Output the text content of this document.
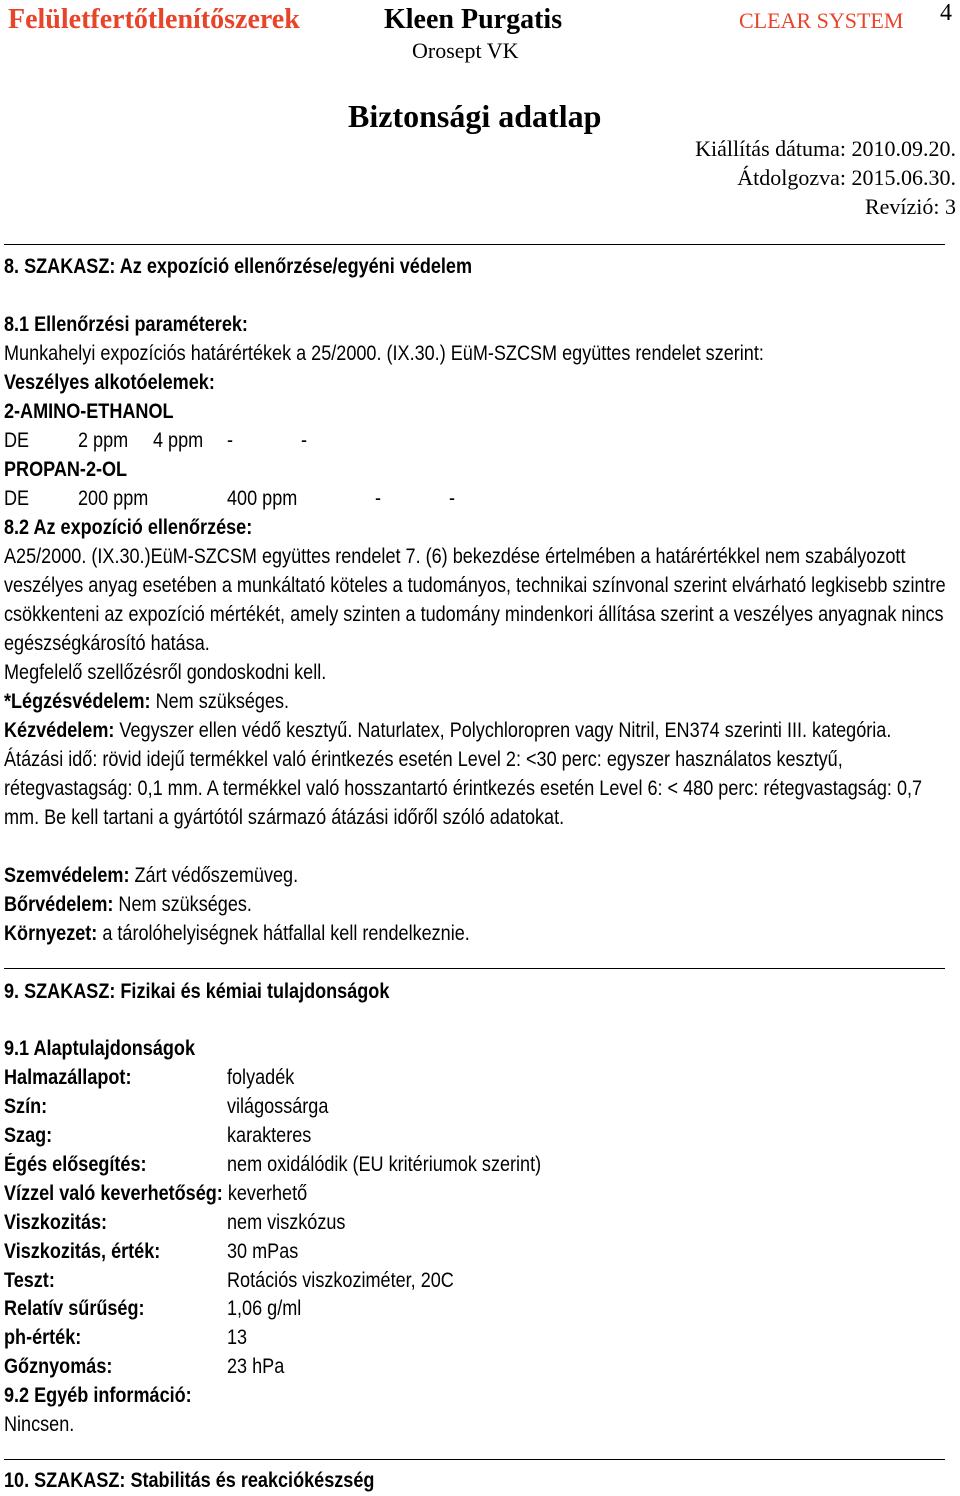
Felületfertőtlenítőszerek	Kleen Purgatis	CLEAR SYSTEM 4
Orosept VK
Biztonsági adatlap
Kiállítás dátuma: 2010.09.20.
Átdolgozva: 2015.06.30.
Revízió: 3
8. SZAKASZ: Az expozíció ellenőrzése/egyéni védelem
8.1 Ellenőrzési paraméterek:
Munkahelyi expozíciós határértékek a 25/2000. (IX.30.) EüM-SZCSM együttes rendelet szerint:
Veszélyes alkotóelemek:
2-AMINO-ETHANOL
DE 2 ppm 4 ppm -	-
PROPAN-2-OL
DE 200 ppm	400 ppm	-	-
8.2 Az expozíció ellenőrzése:
A25/2000. (IX.30.)EüM-SZCSM együttes rendelet 7. (6) bekezdése értelmében a határértékkel nem szabályozott veszélyes anyag esetében a munkáltató köteles a tudományos, technikai színvonal szerint elvárható legkisebb szintre csökkenteni az expozíció mértékét, amely szinten a tudomány mindenkori állítása szerint a veszélyes anyagnak nincs egészségkárosító hatása.
Megfelelő szellőzésről gondoskodni kell.
*Légzésvédelem: Nem szükséges.
Kézvédelem: Vegyszer ellen védő kesztyű. Naturlatex, Polychloropren vagy Nitril, EN374 szerinti III. kategória. Átázási idő: rövid idejű termékkel való érintkezés esetén Level 2: <30 perc: egyszer használatos kesztyű, rétegvastagság: 0,1 mm. A termékkel való hosszantartó érintkezés esetén Level 6: < 480 perc: rétegvastagság: 0,7 mm. Be kell tartani a gyártótól származó átázási időről szóló adatokat.
Szemvédelem: Zárt védőszemüveg.
Bőrvédelem: Nem szükséges.
Környezet: a tárolóhelyiségnek hátfallal kell rendelkeznie.
9. SZAKASZ: Fizikai és kémiai tulajdonságok
9.1 Alaptulajdonságok
Halmazállapot:	folyadék
Szín:	világossárga
Szag:	karakteres
Égés elősegítés:	nem oxidálódik (EU kritériumok szerint)
Vízzel való keverhetőség: keverhető
Viszkozitás:	nem viszkózus
Viszkozitás, érték:	30 mPas
Teszt:	Rotációs viszkoziméter, 20C
Relatív sűrűség:	1,06 g/ml
ph-érték:	13
Gőznyomás:	23 hPa
9.2 Egyéb információ:
Nincsen.
10. SZAKASZ: Stabilitás és reakciókészség
